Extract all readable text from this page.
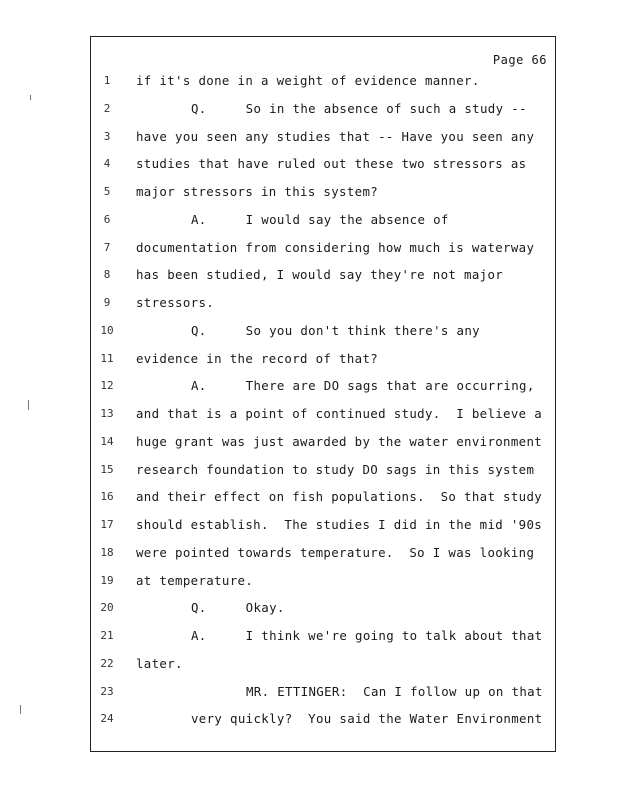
Page 66
1	if it's done in a weight of evidence manner.
2	Q.     So in the absence of such a study --
3	have you seen any studies that -- Have you seen any
4	studies that have ruled out these two stressors as
5	major stressors in this system?
6	A.     I would say the absence of
7	documentation from considering how much is waterway
8	has been studied, I would say they're not major
9	stressors.
10	Q.     So you don't think there's any
11 evidence in the record of that?
12	A.     There are DO sags that are occurring,
13 and that is a point of continued study.  I believe a
14 huge grant was just awarded by the water environment
15 research foundation to study DO sags in this system
16 and their effect on fish populations.  So that study
17 should establish.  The studies I did in the mid '90s
18 were pointed towards temperature.  So I was looking
19 at temperature.
20	Q.     Okay.
21	A.     I think we're going to talk about that
22 later.
23	MR. ETTINGER:  Can I follow up on that
24	very quickly?  You said the Water Environment
